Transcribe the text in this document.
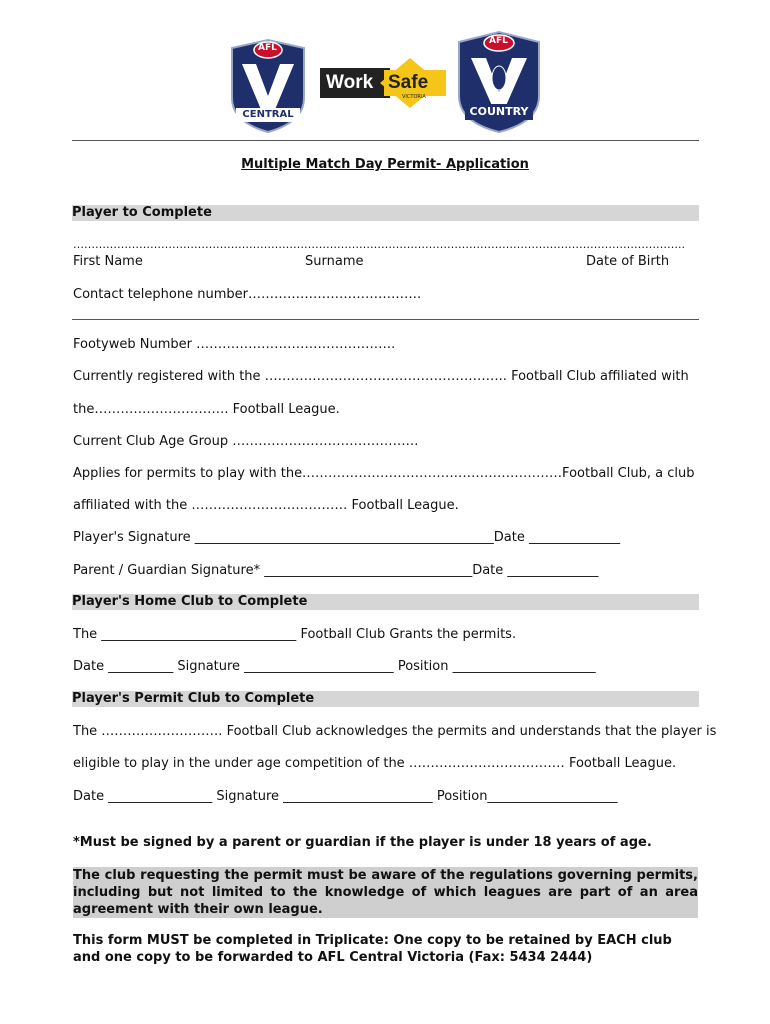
AFL
CENTRAL
Work Safe
VICTORIA
AFL
COUNTRY
Multiple Match Day Permit- Application
Player to Complete
…………………………………………………………………………………………………………………………………………………..
First Name	Surname	Date of Birth
Contact telephone number………………………………….
Footyweb Number ……………………………………….
Currently registered with the ……………………………………………….. Football Club affiliated with
the…………………………. Football League.
Current Club Age Group …………………………………….
Applies for permits to play with the……………………………………………………Football Club, a club
affiliated with the ……………………………… Football League.
Player's Signature ______________________________________________Date ______________
Parent / Guardian Signature* ________________________________Date ______________
Player's Home Club to Complete
The ______________________________ Football Club Grants the permits.
Date __________ Signature _______________________ Position ______________________
Player's Permit Club to Complete
The ………………………. Football Club acknowledges the permits and understands that the player is
eligible to play in the under age competition of the ……………………………… Football League.
Date ________________ Signature _______________________ Position____________________
*Must be signed by a parent or guardian if the player is under 18 years of age.
The club requesting the permit must be aware of the regulations governing permits, including but not limited to the knowledge of which leagues are part of an area agreement with their own league.
This form MUST be completed in Triplicate: One copy to be retained by EACH club and one copy to be forwarded to AFL Central Victoria (Fax: 5434 2444)
